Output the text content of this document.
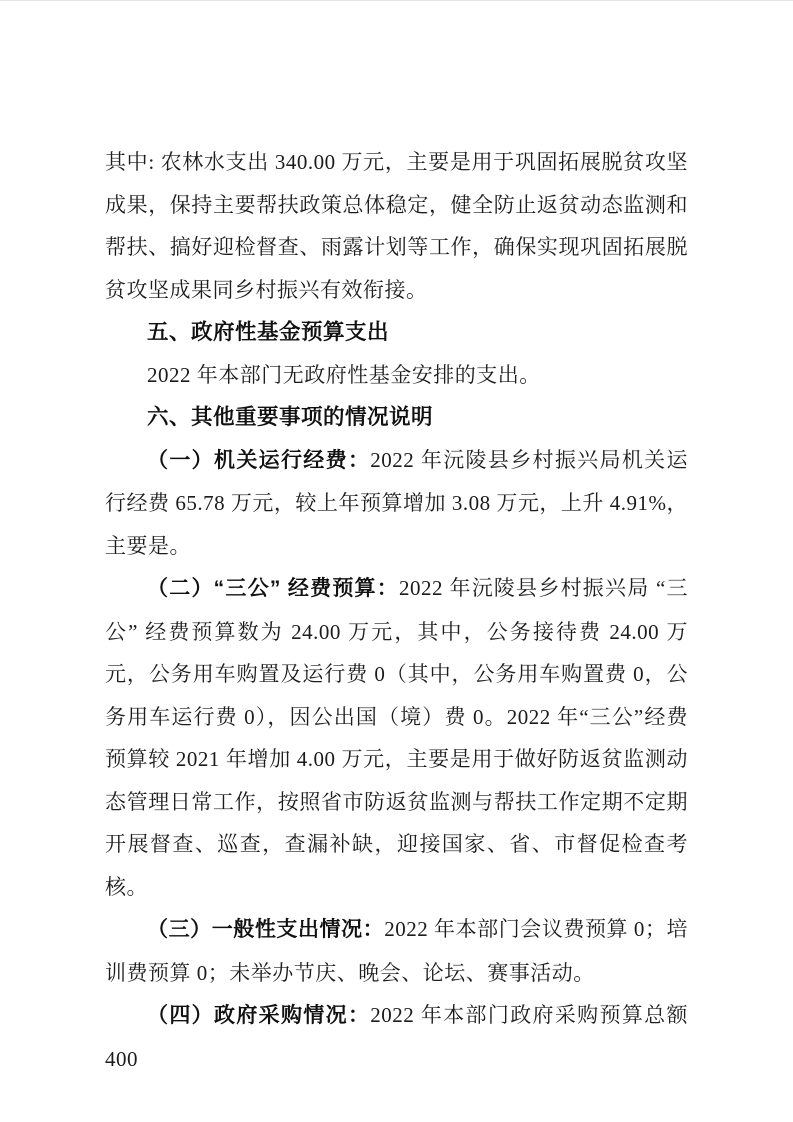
其中: 农林水支出 340.00 万元，主要是用于巩固拓展脱贫攻坚成果，保持主要帮扶政策总体稳定，健全防止返贫动态监测和帮扶、搞好迎检督查、雨露计划等工作，确保实现巩固拓展脱贫攻坚成果同乡村振兴有效衔接。

五、政府性基金预算支出

2022 年本部门无政府性基金安排的支出。

六、其他重要事项的情况说明

（一）机关运行经费：2022 年沅陵县乡村振兴局机关运行经费 65.78 万元，较上年预算增加 3.08 万元，上升 4.91%，主要是。

（二）“三公” 经费预算：2022 年沅陵县乡村振兴局 “三公” 经费预算数为 24.00 万元，其中，公务接待费 24.00 万元，公务用车购置及运行费 0（其中，公务用车购置费 0，公务用车运行费 0），因公出国（境）费 0。2022 年“三公”经费预算较 2021 年增加 4.00 万元，主要是用于做好防返贫监测动态管理日常工作，按照省市防返贫监测与帮扶工作定期不定期开展督查、巡查，查漏补缺，迎接国家、省、市督促检查考核。

（三）一般性支出情况：2022 年本部门会议费预算 0；培训费预算 0；未举办节庆、晚会、论坛、赛事活动。

（四）政府采购情况：2022 年本部门政府采购预算总额 400
